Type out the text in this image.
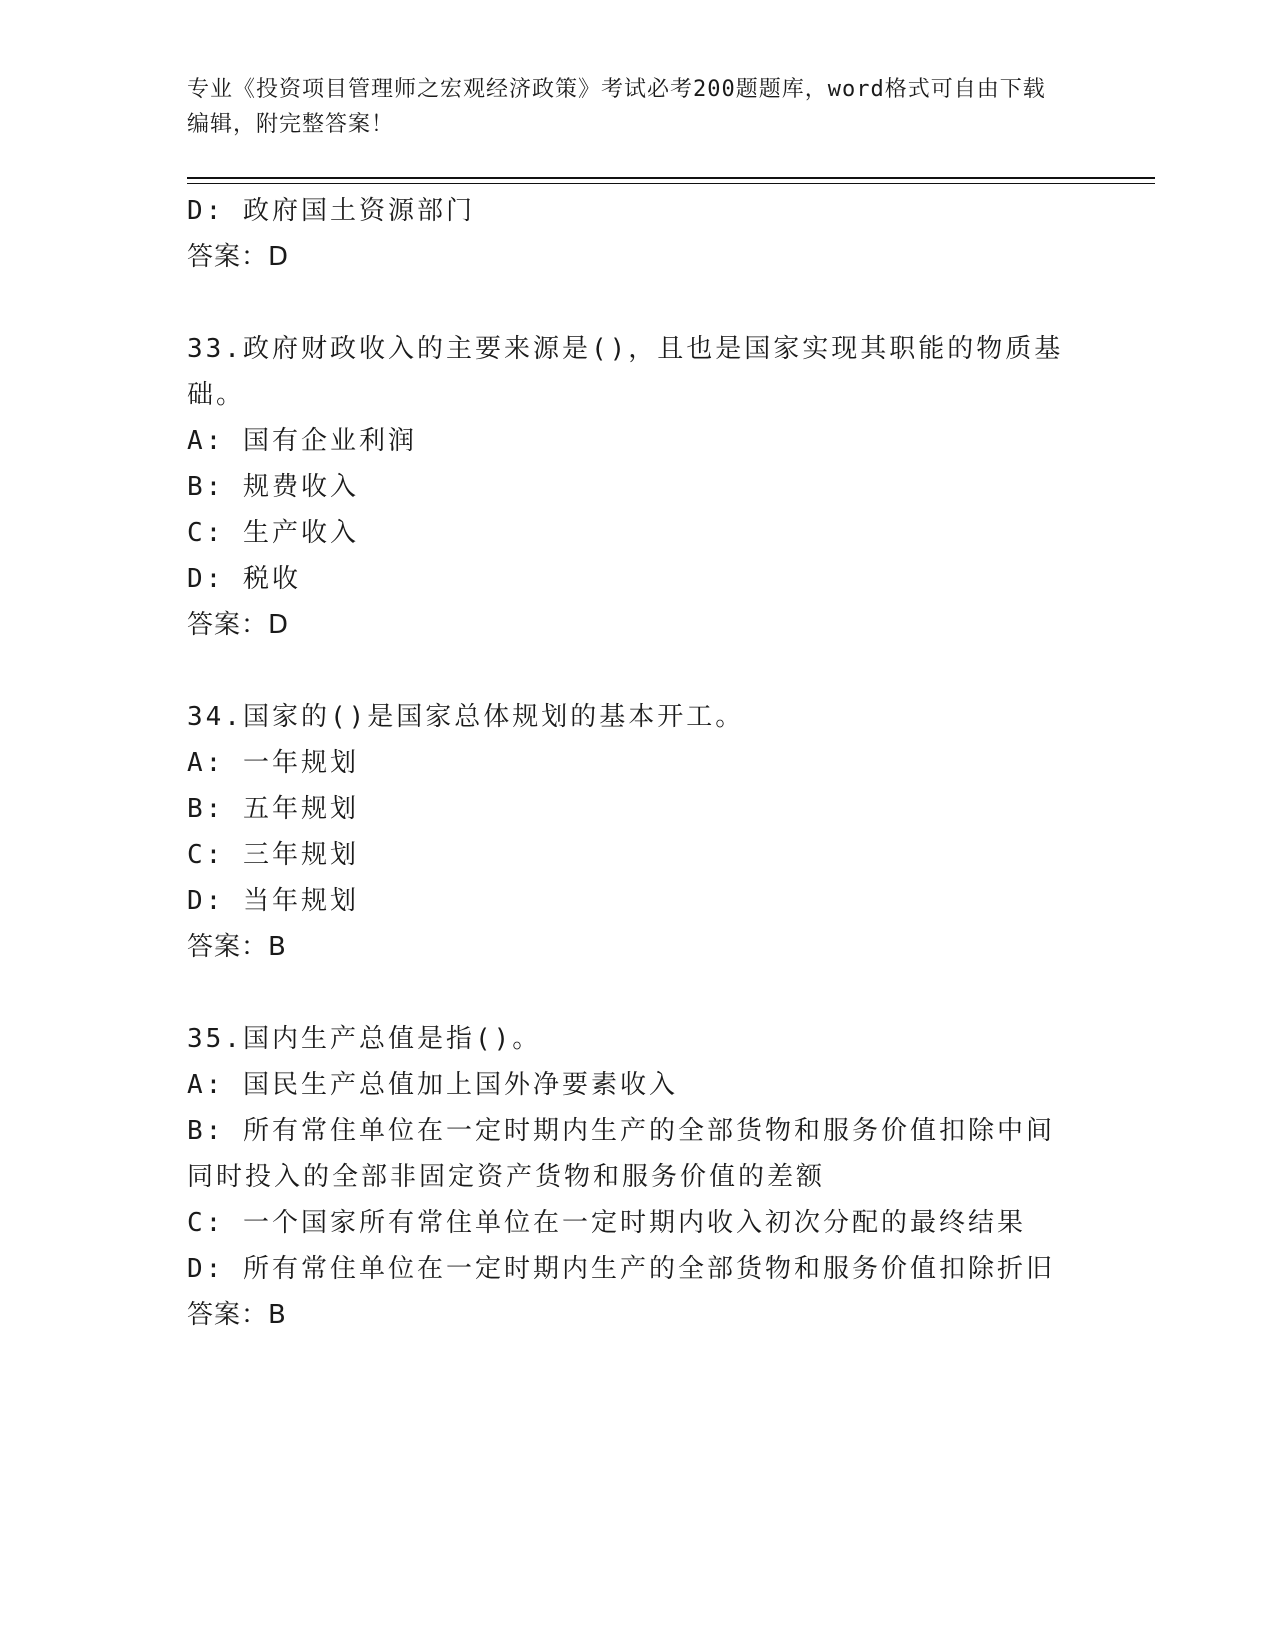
专业《投资项目管理师之宏观经济政策》考试必考200题题库，word格式可自由下载编辑，附完整答案！
D: 政府国土资源部门
答案：D
33.政府财政收入的主要来源是()，且也是国家实现其职能的物质基础。
A: 国有企业利润
B: 规费收入
C: 生产收入
D: 税收
答案：D
34.国家的()是国家总体规划的基本开工。
A: 一年规划
B: 五年规划
C: 三年规划
D: 当年规划
答案：B
35.国内生产总值是指()。
A: 国民生产总值加上国外净要素收入
B: 所有常住单位在一定时期内生产的全部货物和服务价值扣除中间同时投入的全部非固定资产货物和服务价值的差额
C: 一个国家所有常住单位在一定时期内收入初次分配的最终结果
D: 所有常住单位在一定时期内生产的全部货物和服务价值扣除折旧
答案：B
